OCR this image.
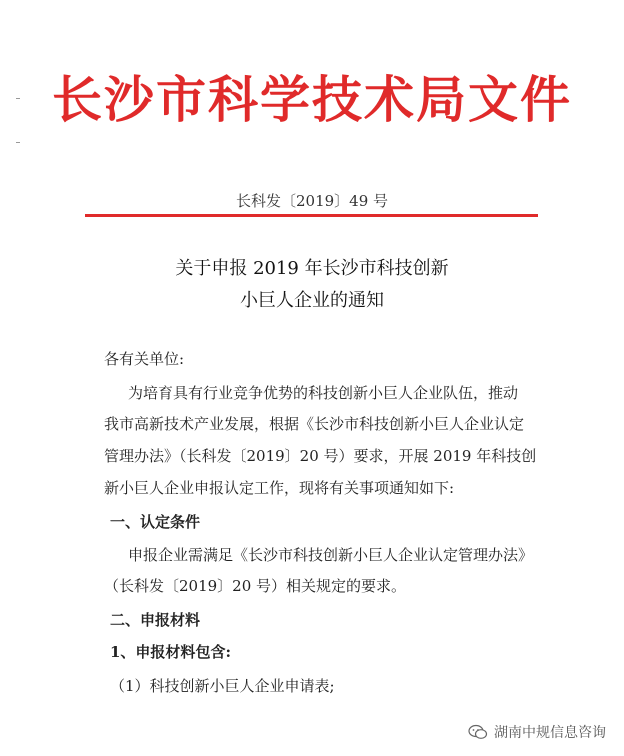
长沙市科学技术局文件
长科发〔2019〕49 号
关于申报 2019 年长沙市科技创新
小巨人企业的通知
各有关单位:
为培育具有行业竞争优势的科技创新小巨人企业队伍，推动
我市高新技术产业发展，根据《长沙市科技创新小巨人企业认定
管理办法》（长科发〔2019〕20 号）要求，开展 2019 年科技创
新小巨人企业申报认定工作，现将有关事项通知如下:
一、认定条件
申报企业需满足《长沙市科技创新小巨人企业认定管理办法》
（长科发〔2019〕20 号）相关规定的要求。
二、申报材料
1、申报材料包含:
（1）科技创新小巨人企业申请表;
湖南中规信息咨询
